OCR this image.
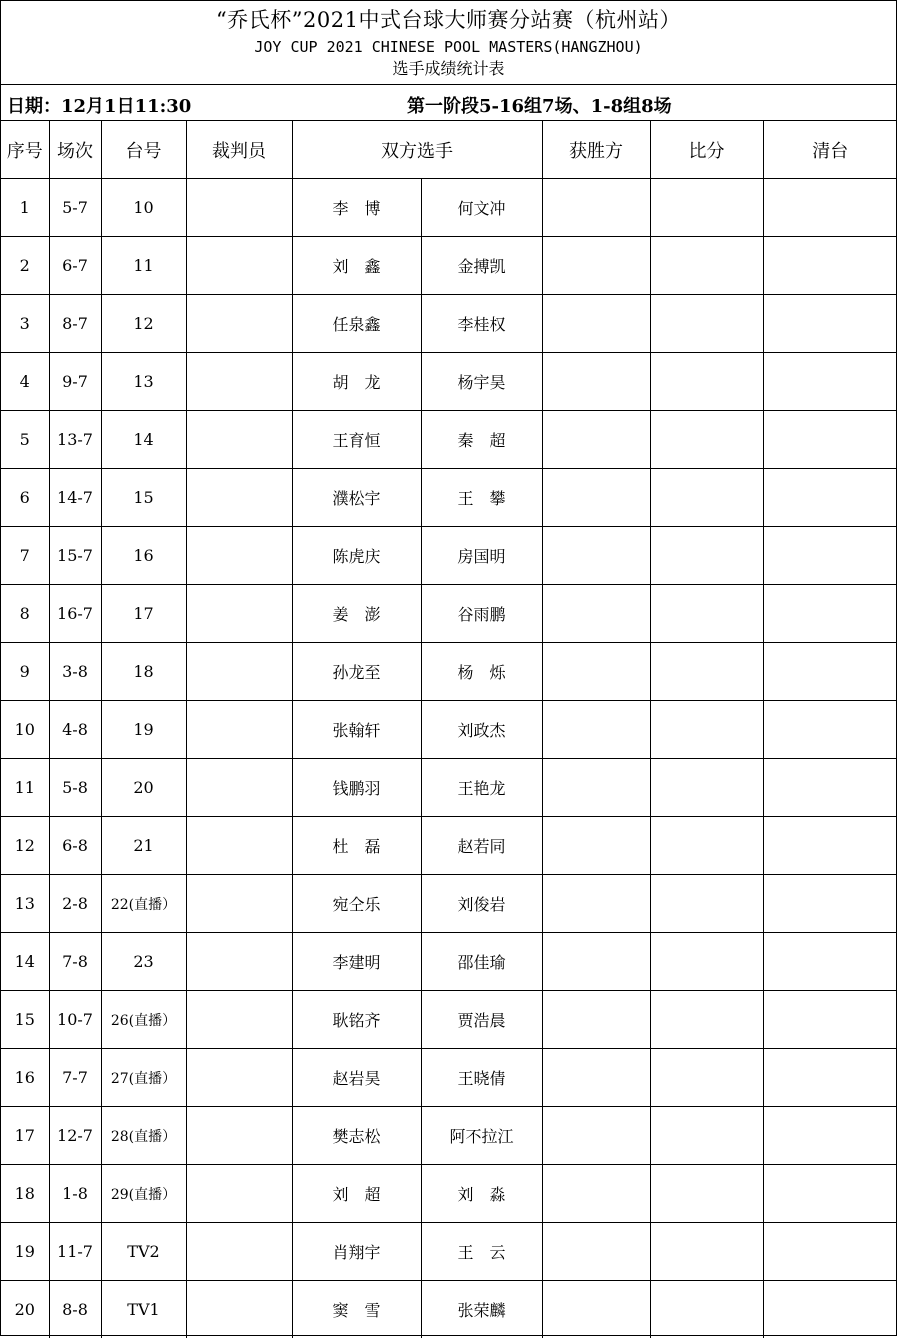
“乔氏杯”2021中式台球大师赛分站赛（杭州站）
JOY CUP 2021 CHINESE POOL MASTERS(HANGZHOU)
选手成绩统计表
日期：12月1日11:30	第一阶段5-16组7场、1-8组8场
序号	场次	台号	裁判员	双方选手		获胜方	比分	清台
1	5-7	10		李　博	何文冲			
2	6-7	11		刘　鑫	金搏凯			
3	8-7	12		任泉鑫	李桂权			
4	9-7	13		胡　龙	杨宇昊			
5	13-7	14		王育恒	秦　超			
6	14-7	15		濮松宇	王　攀			
7	15-7	16		陈虎庆	房国明			
8	16-7	17		姜　澎	谷雨鹏			
9	3-8	18		孙龙至	杨　烁			
10	4-8	19		张翰轩	刘政杰			
11	5-8	20		钱鹏羽	王艳龙			
12	6-8	21		杜　磊	赵若同			
13	2-8	22(直播）		宛仝乐	刘俊岩			
14	7-8	23		李建明	邵佳瑜			
15	10-7	26(直播）		耿铭齐	贾浩晨			
16	7-7	27(直播）		赵岩昊	王晓倩			
17	12-7	28(直播）		樊志松	阿不拉江			
18	1-8	29(直播）		刘　超	刘　淼			
19	11-7	TV2		肖翔宇	王　云			
20	8-8	TV1		窦　雪	张荣麟			
